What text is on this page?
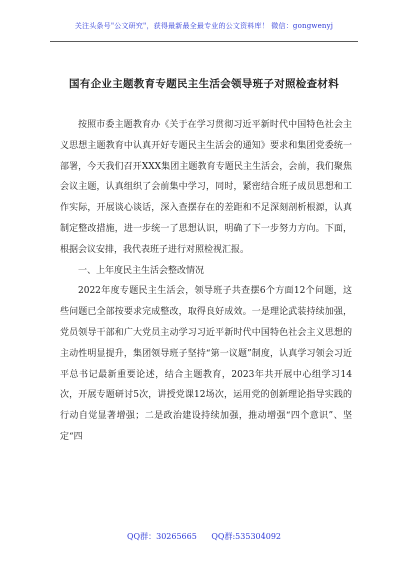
关注头条号"公文研究"，获得最新最全最专业的公文资料库！ 微信：gongwenyj
国有企业主题教育专题民主生活会领导班子对照检查材料

按照市委主题教育办《关于在学习贯彻习近平新时代中国特色社会主义思想主题教育中认真开好专题民主生活会的通知》要求和集团党委统一部署，今天我们召开XXX集团主题教育专题民主生活会，会前，我们聚焦会议主题，认真组织了会前集中学习，同时，紧密结合班子成员思想和工作实际，开展谈心谈话，深入查摆存在的差距和不足深刻剖析根源，认真制定整改措施，进一步统一了思想认识，明确了下一步努力方向。下面，根据会议安排，我代表班子进行对照检视汇报。

一、上年度民主生活会整改情况

2022年度专题民主生活会，领导班子共查摆6个方面12个问题，这些问题已全部按要求完成整改，取得良好成效。一是理论武装持续加强，党员领导干部和广大党员主动学习习近平新时代中国特色社会主义思想的主动性明显提升，集团领导班子坚持“第一议题”制度，认真学习领会习近平总书记最新重要论述，结合主题教育，2023年共开展中心组学习14次，开展专题研讨5次，讲授党课12场次，运用党的创新理论指导实践的行动自觉显著增强；二是政治建设持续加强，推动增强“四个意识”、坚定“四

QQ群：30265665 QQ群:535304092
